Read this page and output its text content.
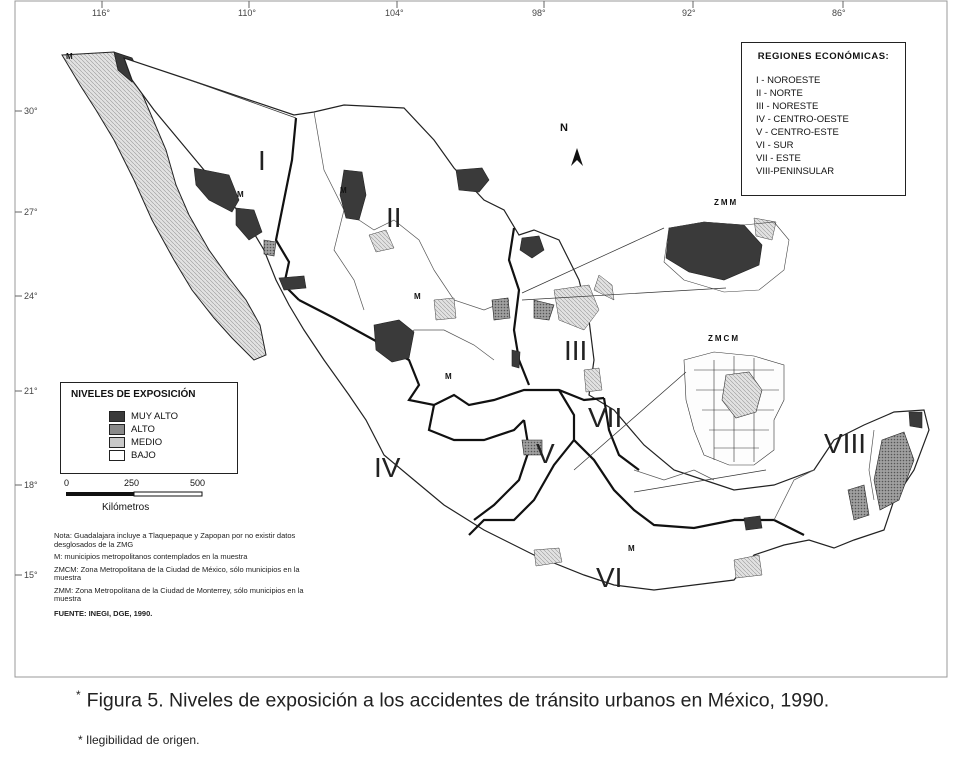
116°	110°	104°	98°	92°	86°
30°
27°
24°
21°
18°
15°
I
II
III
IV	V
VI
VII
VIII
M
M	M
M
M
M
ZMM
ZMCM
N
REGIONES ECONÓMICAS:
I - NOROESTE
II - NORTE
III - NORESTE
IV - CENTRO-OESTE
V - CENTRO-ESTE
VI - SUR
VII - ESTE
VIII-PENINSULAR
NIVELES DE EXPOSICIÓN
MUY ALTO
ALTO
MEDIO
BAJO
0	250	500
Kilómetros

Nota: Guadalajara incluye a Tlaquepaque y Zapopan por no existir datos desglosados de la ZMG

M: municipios metropolitanos contemplados en la muestra

ZMCM: Zona Metropolitana de la Ciudad de México, sólo municipios en la muestra

ZMM: Zona Metropolitana de la Ciudad de Monterrey, sólo municipios en la muestra

FUENTE: INEGI, DGE, 1990.

* Figura 5. Niveles de exposición a los accidentes de tránsito urbanos en México, 1990.
* Ilegibilidad de origen.
